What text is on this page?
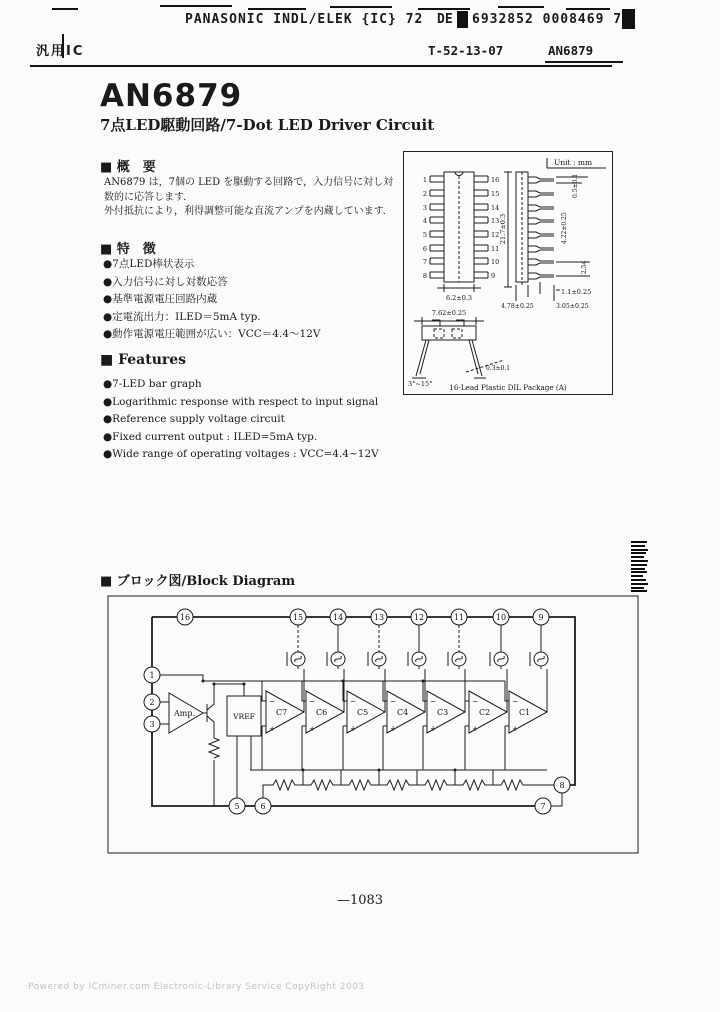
PANASONIC INDL/ELEK {IC} 72 DE 6932852 0008469 7
汎用IC	T-52-13-07	AN6879
AN6879
7点LED駆動回路/7-Dot LED Driver Circuit
■ 概　要
AN6879 は，7個の LED を駆動する回路で，入力信号に対し対
数的に応答します．
外付抵抗により，利得調整可能な直流アンプを内蔵しています．
■ 特　徴
●7点LED棒状表示
●入力信号に対し対数応答
●基準電源電圧回路内蔵
●定電流出力：ILED＝5mA typ.
●動作電源電圧範囲が広い：VCC＝4.4～12V
■ Features
●7-LED bar graph
●Logarithmic response with respect to input signal
●Reference supply voltage circuit
●Fixed current output : ILED=5mA typ.
●Wide range of operating voltages : VCC=4.4~12V
Unit : mm
1
2
3
4
5
6
7
8
16
15
14
13
12
11
10
9
6.2±0.3
21.7±0.3
0.5±0.1
4.22±0.25
2.54
1.1±0.25
4.78±0.25	3.05±0.25
7.62±0.25
0.3±0.1
3°~15° 16-Lead Plastic DIL Package (A)
■ ブロック図/Block Diagram
Amp.	VREF	C7	C6	C5	C4	C3	C2	C1
−
+
−
+
−
+
−
+
−
+
−
+
−
+
16	15	14	13	12	11	10	9
1
2
3
5	6	7
8
—1083
Powered by ICminer.com Electronic-Library Service CopyRight 2003
